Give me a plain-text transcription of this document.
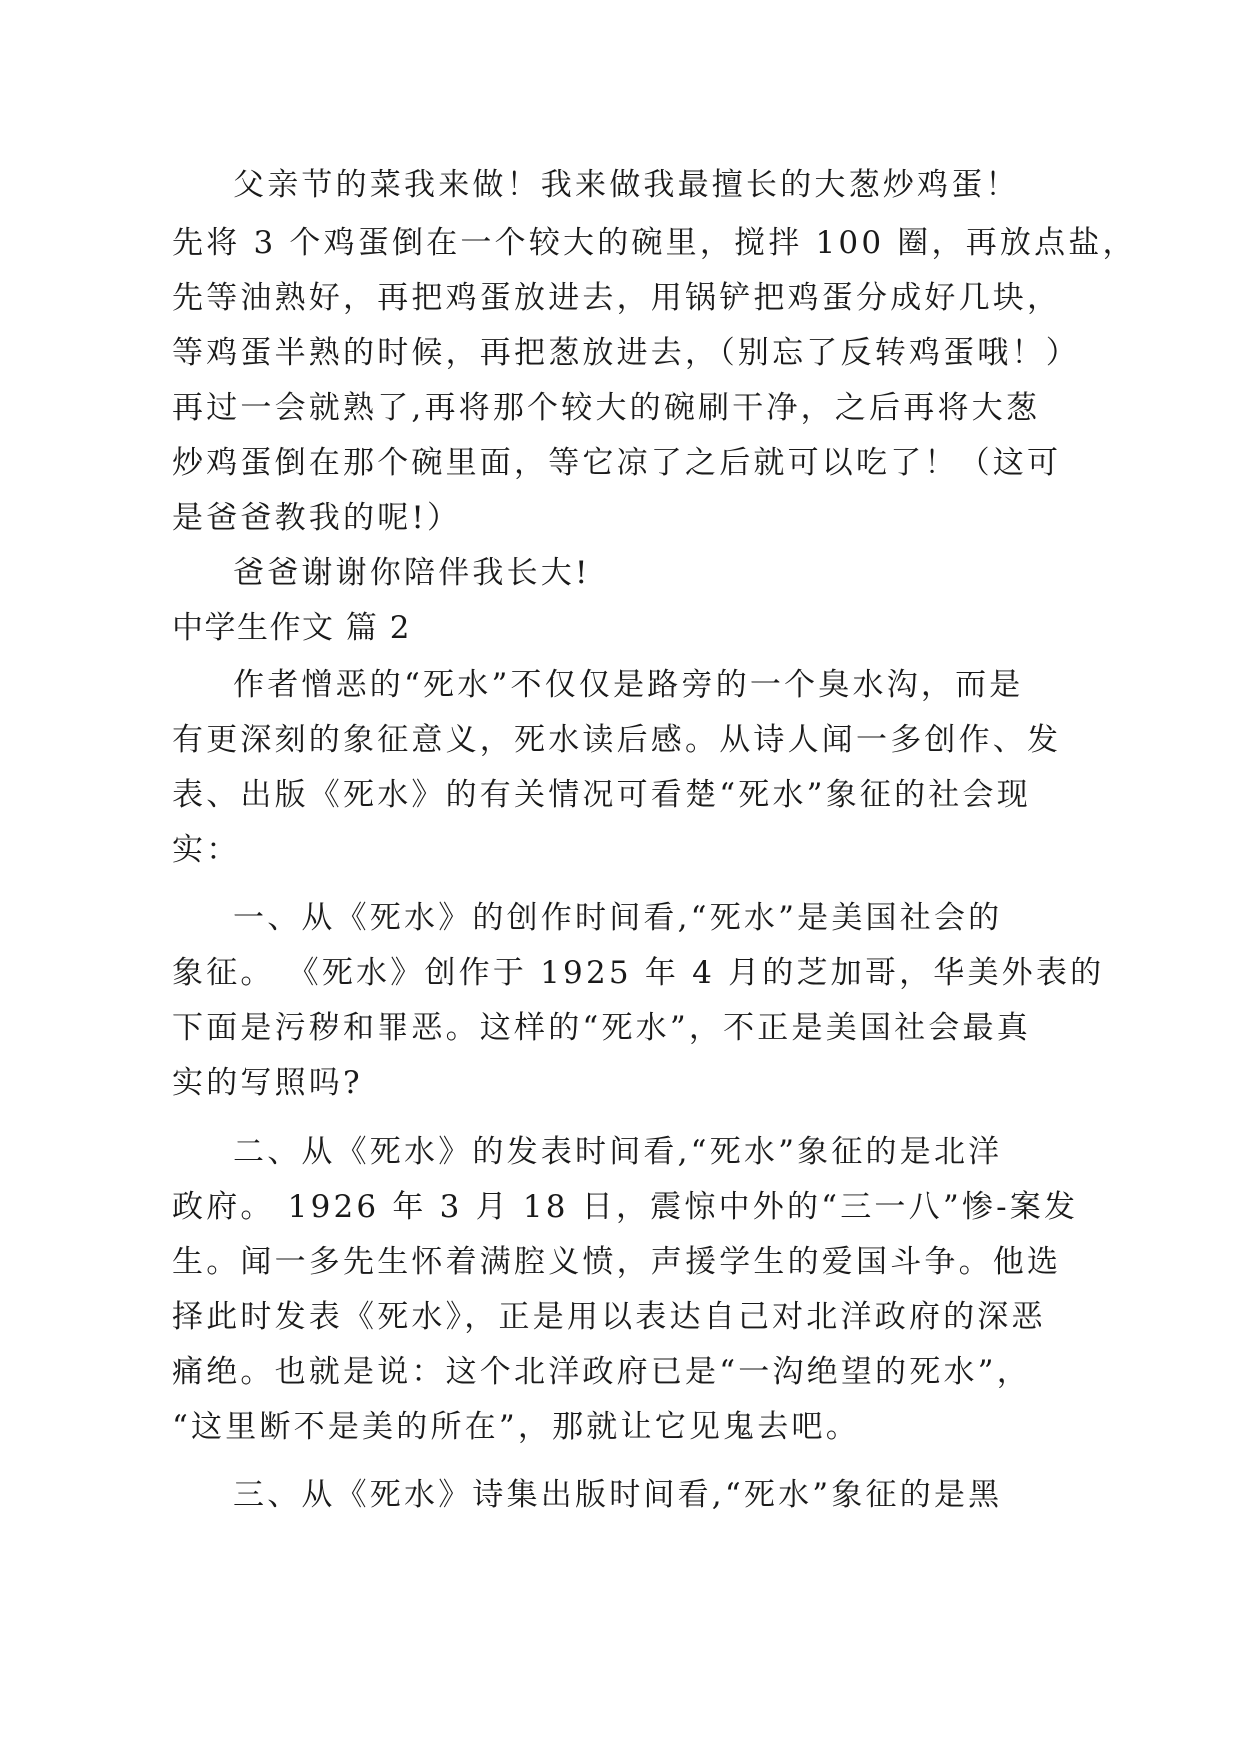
父亲节的菜我来做！我来做我最擅长的大葱炒鸡蛋！
先将 3 个鸡蛋倒在一个较大的碗里，搅拌 100 圈，再放点盐，
先等油熟好，再把鸡蛋放进去，用锅铲把鸡蛋分成好几块，
等鸡蛋半熟的时候，再把葱放进去，（别忘了反转鸡蛋哦！）
再过一会就熟了,再将那个较大的碗刷干净，之后再将大葱
炒鸡蛋倒在那个碗里面，等它凉了之后就可以吃了！（这可
是爸爸教我的呢!）
爸爸谢谢你陪伴我长大!
中学生作文 篇 2
作者憎恶的“死水”不仅仅是路旁的一个臭水沟，而是
有更深刻的象征意义，死水读后感。从诗人闻一多创作、发
表、出版《死水》的有关情况可看楚“死水”象征的社会现
实：
一、从《死水》的创作时间看,“死水”是美国社会的
象征。 《死水》创作于 1925 年 4 月的芝加哥，华美外表的
下面是污秽和罪恶。这样的“死水”，不正是美国社会最真
实的写照吗?
二、从《死水》的发表时间看,“死水”象征的是北洋
政府。 1926 年 3 月 18 日，震惊中外的“三一八”惨-案发
生。闻一多先生怀着满腔义愤，声援学生的爱国斗争。他选
择此时发表《死水》，正是用以表达自己对北洋政府的深恶
痛绝。也就是说：这个北洋政府已是“一沟绝望的死水”，
“这里断不是美的所在”，那就让它见鬼去吧。
三、从《死水》诗集出版时间看,“死水”象征的是黑
